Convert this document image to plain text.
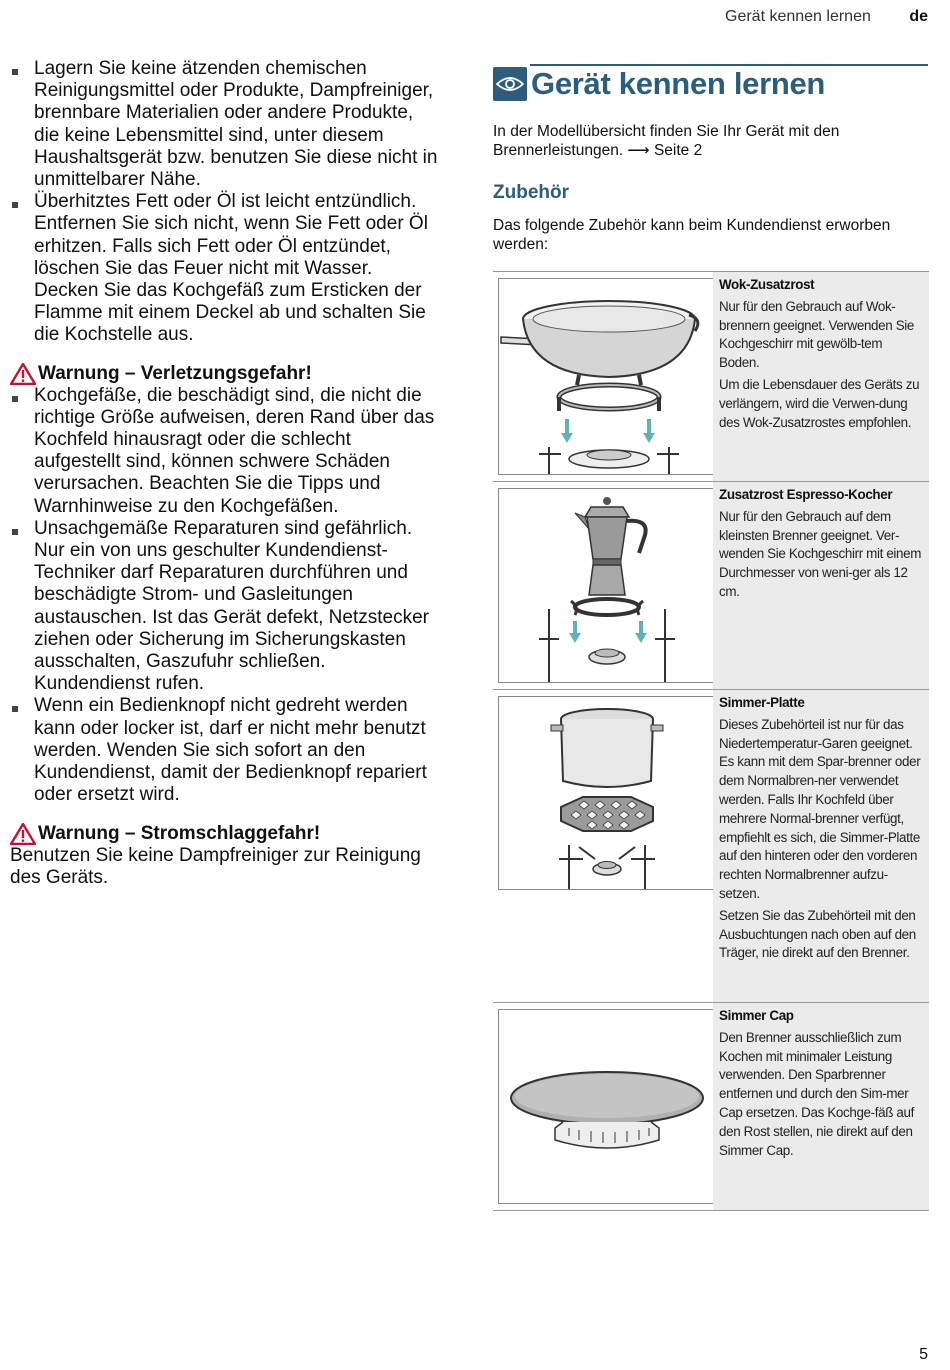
Gerät kennen lernen de
Lagern Sie keine ätzenden chemischen Reinigungsmittel oder Produkte, Dampfreiniger, brennbare Materialien oder andere Produkte, die keine Lebensmittel sind, unter diesem Haushaltsgerät bzw. benutzen Sie diese nicht in unmittelbarer Nähe.
Überhitztes Fett oder Öl ist leicht entzündlich. Entfernen Sie sich nicht, wenn Sie Fett oder Öl erhitzen. Falls sich Fett oder Öl entzündet, löschen Sie das Feuer nicht mit Wasser. Decken Sie das Kochgefäß zum Ersticken der Flamme mit einem Deckel ab und schalten Sie die Kochstelle aus.
Warnung – Verletzungsgefahr!
Kochgefäße, die beschädigt sind, die nicht die richtige Größe aufweisen, deren Rand über das Kochfeld hinausragt oder die schlecht aufgestellt sind, können schwere Schäden verursachen. Beachten Sie die Tipps und Warnhinweise zu den Kochgefäßen.
Unsachgemäße Reparaturen sind gefährlich. Nur ein von uns geschulter Kundendienst-Techniker darf Reparaturen durchführen und beschädigte Strom- und Gasleitungen austauschen. Ist das Gerät defekt, Netzstecker ziehen oder Sicherung im Sicherungskasten ausschalten, Gaszufuhr schließen. Kundendienst rufen.
Wenn ein Bedienknopf nicht gedreht werden kann oder locker ist, darf er nicht mehr benutzt werden. Wenden Sie sich sofort an den Kundendienst, damit der Bedienknopf repariert oder ersetzt wird.
Warnung – Stromschlaggefahr!
Benutzen Sie keine Dampfreiniger zur Reinigung des Geräts.
Gerät kennen lernen
In der Modellübersicht finden Sie Ihr Gerät mit den Brennerleistungen. ⟶ Seite 2
Zubehör
Das folgende Zubehör kann beim Kundendienst erworben werden:

Wok-Zusatzrost

Nur für den Gebrauch auf Wok-brennern geeignet. Verwenden Sie Kochgeschirr mit gewölb-tem Boden.

Um die Lebensdauer des Geräts zu verlängern, wird die Verwen-dung des Wok-Zusatzrostes empfohlen.

Zusatzrost Espresso-Kocher

Nur für den Gebrauch auf dem kleinsten Brenner geeignet. Ver-wenden Sie Kochgeschirr mit einem Durchmesser von weni-ger als 12 cm.

Simmer-Platte

Dieses Zubehörteil ist nur für das Niedertemperatur-Garen geeignet. Es kann mit dem Spar-brenner oder dem Normalbren-ner verwendet werden. Falls Ihr Kochfeld über mehrere Normal-brenner verfügt, empfiehlt es sich, die Simmer-Platte auf den hinteren oder den vorderen rechten Normalbrenner aufzu-setzen.

Setzen Sie das Zubehörteil mit den Ausbuchtungen nach oben auf den Träger, nie direkt auf den Brenner.

Simmer Cap

Den Brenner ausschließlich zum Kochen mit minimaler Leistung verwenden. Den Sparbrenner entfernen und durch den Sim-mer Cap ersetzen. Das Kochge-fäß auf den Rost stellen, nie direkt auf den Simmer Cap.

5
